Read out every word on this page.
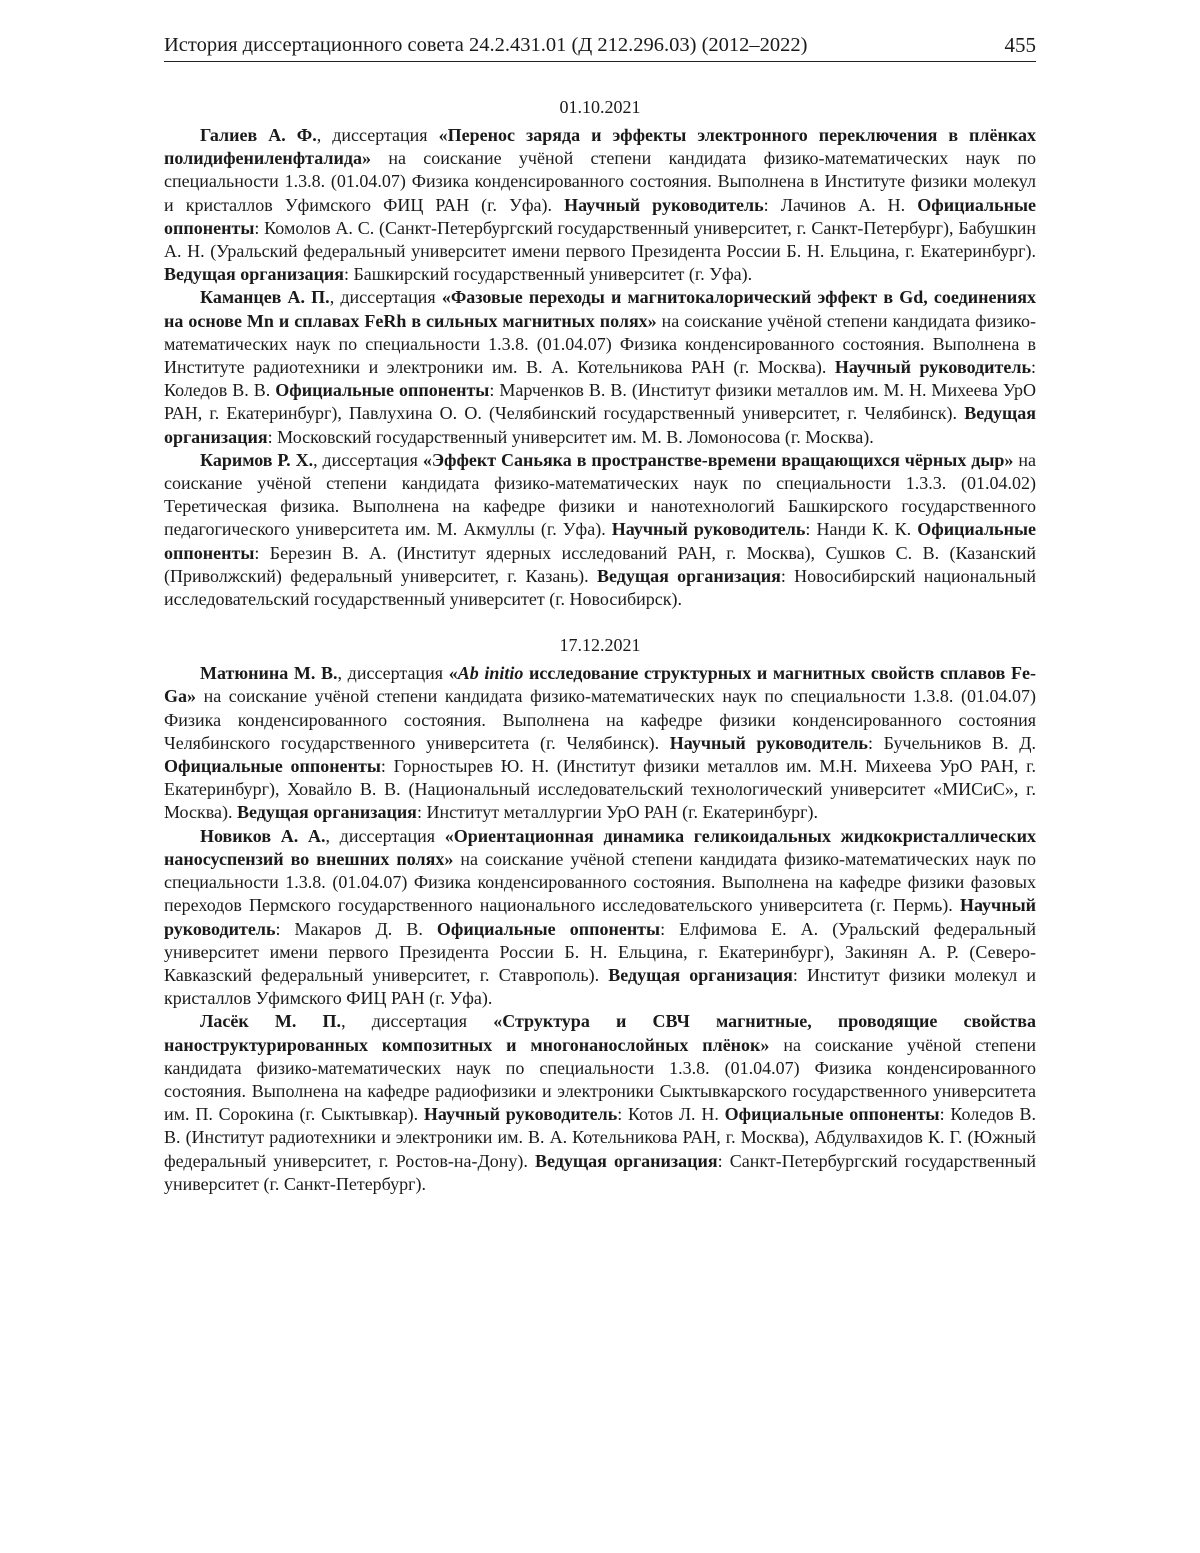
История диссертационного совета 24.2.431.01 (Д 212.296.03) (2012–2022)	455
01.10.2021

Галиев А. Ф., диссертация «Перенос заряда и эффекты электронного переключения в плёнках полидифениленфталида» на соискание учёной степени кандидата физико-математических наук по специальности 1.3.8. (01.04.07) Физика конденсированного состояния. Выполнена в Институте физики молекул и кристаллов Уфимского ФИЦ РАН (г. Уфа). Научный руководитель: Лачинов А. Н. Официальные оппоненты: Комолов А. С. (Санкт-Петербургский государственный университет, г. Санкт-Петербург), Бабушкин А. Н. (Уральский федеральный университет имени первого Президента России Б. Н. Ельцина, г. Екатеринбург). Ведущая организация: Башкирский государственный университет (г. Уфа).

Каманцев А. П., диссертация «Фазовые переходы и магнитокалорический эффект в Gd, соединениях на основе Mn и сплавах FeRh в сильных магнитных полях» на соискание учёной степени кандидата физико-математических наук по специальности 1.3.8. (01.04.07) Физика конденсированного состояния. Выполнена в Институте радиотехники и электроники им. В. А. Котельникова РАН (г. Москва). Научный руководитель: Коледов В. В. Официальные оппоненты: Марченков В. В. (Институт физики металлов им. М. Н. Михеева УрО РАН, г. Екатеринбург), Павлухина О. О. (Челябинский государственный университет, г. Челябинск). Ведущая организация: Московский государственный университет им. М. В. Ломоносова (г. Москва).

Каримов Р. Х., диссертация «Эффект Саньяка в пространстве-времени вращающихся чёрных дыр» на соискание учёной степени кандидата физико-математических наук по специальности 1.3.3. (01.04.02) Теретическая физика. Выполнена на кафедре физики и нанотехнологий Башкирского государственного педагогического университета им. М. Акмуллы (г. Уфа). Научный руководитель: Нанди К. К. Официальные оппоненты: Березин В. А. (Институт ядерных исследований РАН, г. Москва), Сушков С. В. (Казанский (Приволжский) федеральный университет, г. Казань). Ведущая организация: Новосибирский национальный исследовательский государственный университет (г. Новосибирск).

17.12.2021

Матюнина М. В., диссертация «Ab initio исследование структурных и магнитных свойств сплавов Fe-Ga» на соискание учёной степени кандидата физико-математических наук по специальности 1.3.8. (01.04.07) Физика конденсированного состояния. Выполнена на кафедре физики конденсированного состояния Челябинского государственного университета (г. Челябинск). Научный руководитель: Бучельников В. Д. Официальные оппоненты: Горностырев Ю. Н. (Институт физики металлов им. М.Н. Михеева УрО РАН, г. Екатеринбург), Ховайло В. В. (Национальный исследовательский технологический университет «МИСиС», г. Москва). Ведущая организация: Институт металлургии УрО РАН (г. Екатеринбург).

Новиков А. А., диссертация «Ориентационная динамика геликоидальных жидкокристаллических наносуспензий во внешних полях» на соискание учёной степени кандидата физико-математических наук по специальности 1.3.8. (01.04.07) Физика конденсированного состояния. Выполнена на кафедре физики фазовых переходов Пермского государственного национального исследовательского университета (г. Пермь). Научный руководитель: Макаров Д. В. Официальные оппоненты: Елфимова Е. А. (Уральский федеральный университет имени первого Президента России Б. Н. Ельцина, г. Екатеринбург), Закинян А. Р. (Северо-Кавказский федеральный университет, г. Ставрополь). Ведущая организация: Институт физики молекул и кристаллов Уфимского ФИЦ РАН (г. Уфа).

Ласёк М. П., диссертация «Структура и СВЧ магнитные, проводящие свойства наноструктурированных композитных и многонанослойных плёнок» на соискание учёной степени кандидата физико-математических наук по специальности 1.3.8. (01.04.07) Физика конденсированного состояния. Выполнена на кафедре радиофизики и электроники Сыктывкарского государственного университета им. П. Сорокина (г. Сыктывкар). Научный руководитель: Котов Л. Н. Официальные оппоненты: Коледов В. В. (Институт радиотехники и электроники им. В. А. Котельникова РАН, г. Москва), Абдулвахидов К. Г. (Южный федеральный университет, г. Ростов-на-Дону). Ведущая организация: Санкт-Петербургский государственный университет (г. Санкт-Петербург).
